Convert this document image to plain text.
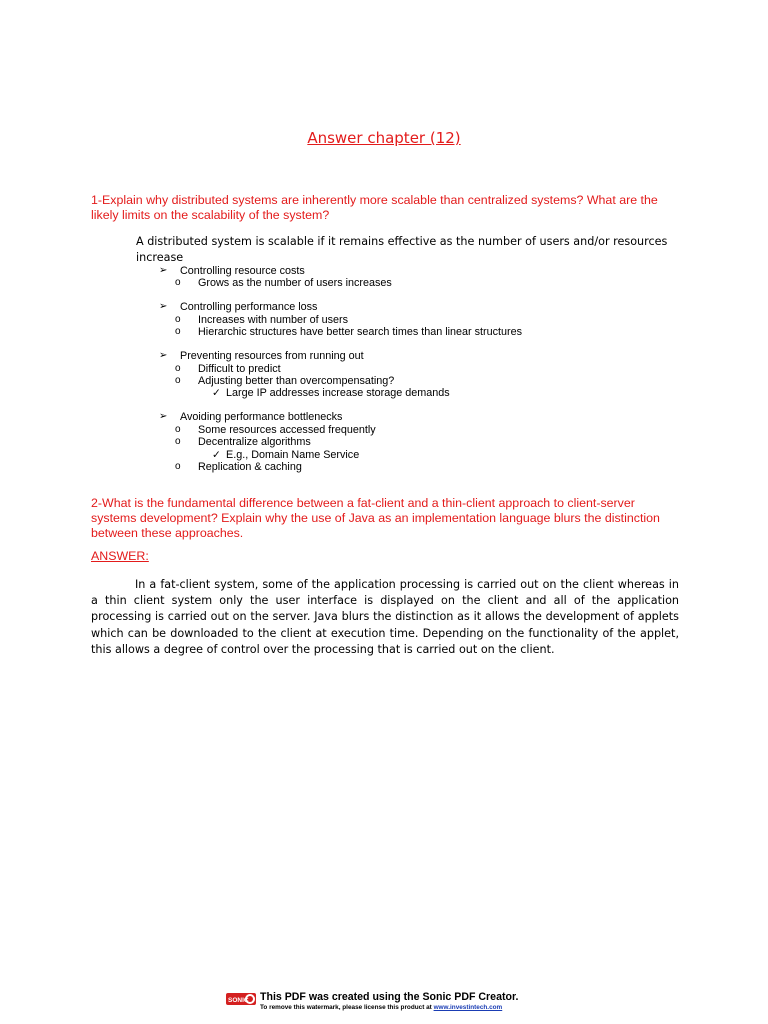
Answer chapter (12)
1-Explain why distributed systems are inherently more scalable than centralized systems? What are the likely limits on the scalability of the system?
A distributed system is scalable if it remains effective as the number of users and/or resources increase
➢ Controlling resource costs
o Grows as the number of users increases
➢ Controlling performance loss
o Increases with number of users
o Hierarchic structures have better search times than linear structures
➢ Preventing resources from running out
o Difficult to predict
o Adjusting better than overcompensating?
✓ Large IP addresses increase storage demands
➢ Avoiding performance bottlenecks
o Some resources accessed frequently
o Decentralize algorithms
✓ E.g., Domain Name Service
o Replication & caching
2-What is the fundamental difference between a fat-client and a thin-client approach to client-server systems development? Explain why the use of Java as an implementation language blurs the distinction between these approaches.
ANSWER:
In a fat-client system, some of the application processing is carried out on the client whereas in a thin client system only the user interface is displayed on the client and all of the application processing is carried out on the server. Java blurs the distinction as it allows the development of applets which can be downloaded to the client at execution time. Depending on the functionality of the applet, this allows a degree of control over the processing that is carried out on the client.
SONIC This PDF was created using the Sonic PDF Creator.
To remove this watermark, please license this product at www.investintech.com
